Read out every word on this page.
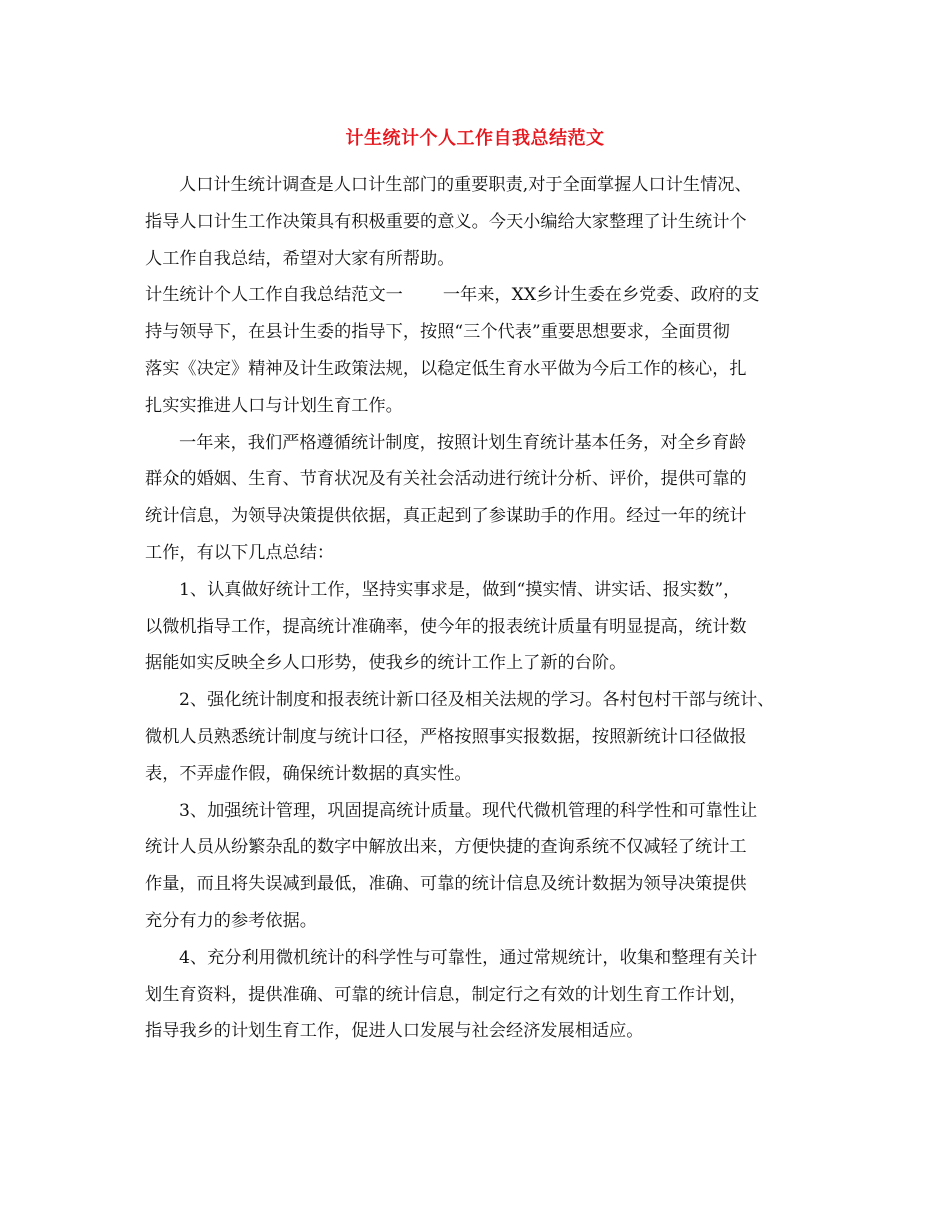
计生统计个人工作自我总结范文
人口计生统计调查是人口计生部门的重要职责,对于全面掌握人口计生情况、
指导人口计生工作决策具有积极重要的意义。今天小编给大家整理了计生统计个
人工作自我总结，希望对大家有所帮助。
计生统计个人工作自我总结范文一 一年来，XX乡计生委在乡党委、政府的支
持与领导下，在县计生委的指导下，按照“三个代表”重要思想要求，全面贯彻
落实《决定》精神及计生政策法规，以稳定低生育水平做为今后工作的核心，扎
扎实实推进人口与计划生育工作。
一年来，我们严格遵循统计制度，按照计划生育统计基本任务，对全乡育龄
群众的婚姻、生育、节育状况及有关社会活动进行统计分析、评价，提供可靠的
统计信息，为领导决策提供依据，真正起到了参谋助手的作用。经过一年的统计
工作，有以下几点总结：
1、认真做好统计工作，坚持实事求是，做到“摸实情、讲实话、报实数”，
以微机指导工作，提高统计准确率，使今年的报表统计质量有明显提高，统计数
据能如实反映全乡人口形势，使我乡的统计工作上了新的台阶。
2、强化统计制度和报表统计新口径及相关法规的学习。各村包村干部与统计、
微机人员熟悉统计制度与统计口径，严格按照事实报数据，按照新统计口径做报
表，不弄虚作假，确保统计数据的真实性。
3、加强统计管理，巩固提高统计质量。现代代微机管理的科学性和可靠性让
统计人员从纷繁杂乱的数字中解放出来，方便快捷的查询系统不仅减轻了统计工
作量，而且将失误减到最低，准确、可靠的统计信息及统计数据为领导决策提供
充分有力的参考依据。
4、充分利用微机统计的科学性与可靠性，通过常规统计，收集和整理有关计
划生育资料，提供准确、可靠的统计信息，制定行之有效的计划生育工作计划，
指导我乡的计划生育工作，促进人口发展与社会经济发展相适应。
